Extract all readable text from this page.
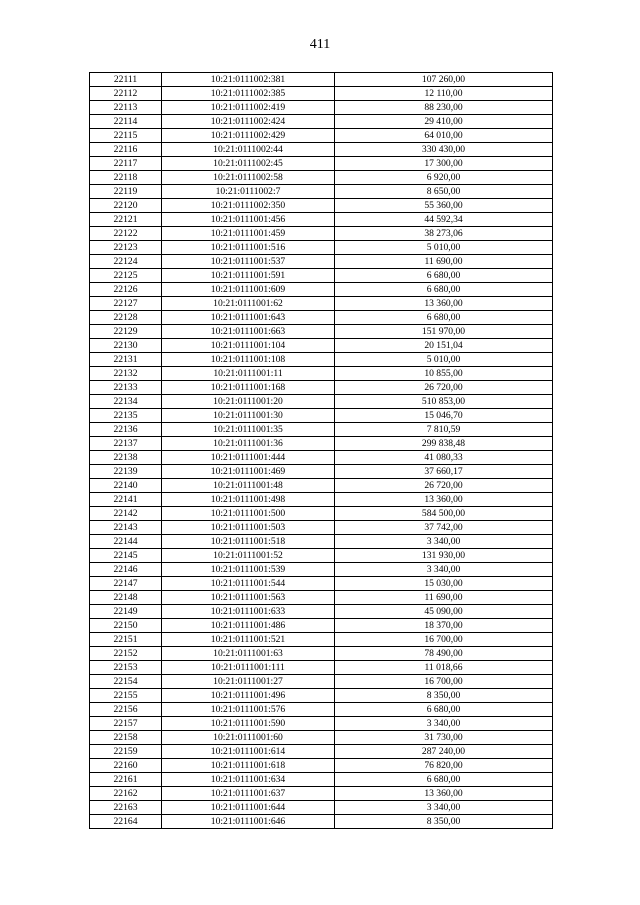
411
22111	10:21:0111002:381	107 260,00
22112	10:21:0111002:385	12 110,00
22113	10:21:0111002:419	88 230,00
22114	10:21:0111002:424	29 410,00
22115	10:21:0111002:429	64 010,00
22116	10:21:0111002:44	330 430,00
22117	10:21:0111002:45	17 300,00
22118	10:21:0111002:58	6 920,00
22119	10:21:0111002:7	8 650,00
22120	10:21:0111002:350	55 360,00
22121	10:21:0111001:456	44 592,34
22122	10:21:0111001:459	38 273,06
22123	10:21:0111001:516	5 010,00
22124	10:21:0111001:537	11 690,00
22125	10:21:0111001:591	6 680,00
22126	10:21:0111001:609	6 680,00
22127	10:21:0111001:62	13 360,00
22128	10:21:0111001:643	6 680,00
22129	10:21:0111001:663	151 970,00
22130	10:21:0111001:104	20 151,04
22131	10:21:0111001:108	5 010,00
22132	10:21:0111001:11	10 855,00
22133	10:21:0111001:168	26 720,00
22134	10:21:0111001:20	510 853,00
22135	10:21:0111001:30	15 046,70
22136	10:21:0111001:35	7 810,59
22137	10:21:0111001:36	299 838,48
22138	10:21:0111001:444	41 080,33
22139	10:21:0111001:469	37 660,17
22140	10:21:0111001:48	26 720,00
22141	10:21:0111001:498	13 360,00
22142	10:21:0111001:500	584 500,00
22143	10:21:0111001:503	37 742,00
22144	10:21:0111001:518	3 340,00
22145	10:21:0111001:52	131 930,00
22146	10:21:0111001:539	3 340,00
22147	10:21:0111001:544	15 030,00
22148	10:21:0111001:563	11 690,00
22149	10:21:0111001:633	45 090,00
22150	10:21:0111001:486	18 370,00
22151	10:21:0111001:521	16 700,00
22152	10:21:0111001:63	78 490,00
22153	10:21:0111001:111	11 018,66
22154	10:21:0111001:27	16 700,00
22155	10:21:0111001:496	8 350,00
22156	10:21:0111001:576	6 680,00
22157	10:21:0111001:590	3 340,00
22158	10:21:0111001:60	31 730,00
22159	10:21:0111001:614	287 240,00
22160	10:21:0111001:618	76 820,00
22161	10:21:0111001:634	6 680,00
22162	10:21:0111001:637	13 360,00
22163	10:21:0111001:644	3 340,00
22164	10:21:0111001:646	8 350,00
